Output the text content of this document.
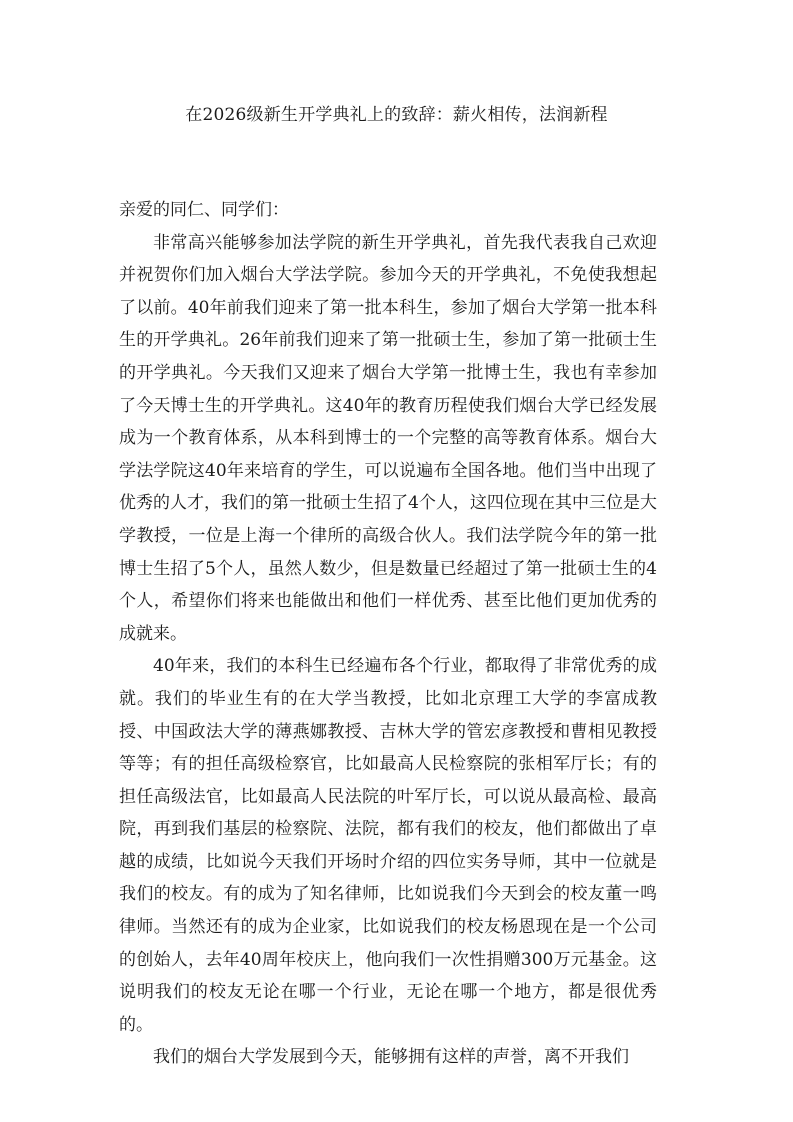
在2026级新生开学典礼上的致辞：薪火相传，法润新程

亲爱的同仁、同学们：

非常高兴能够参加法学院的新生开学典礼，首先我代表我自己欢迎并祝贺你们加入烟台大学法学院。参加今天的开学典礼，不免使我想起了以前。40年前我们迎来了第一批本科生，参加了烟台大学第一批本科生的开学典礼。26年前我们迎来了第一批硕士生，参加了第一批硕士生的开学典礼。今天我们又迎来了烟台大学第一批博士生，我也有幸参加了今天博士生的开学典礼。这40年的教育历程使我们烟台大学已经发展成为一个教育体系，从本科到博士的一个完整的高等教育体系。烟台大学法学院这40年来培育的学生，可以说遍布全国各地。他们当中出现了优秀的人才，我们的第一批硕士生招了4个人，这四位现在其中三位是大学教授，一位是上海一个律所的高级合伙人。我们法学院今年的第一批博士生招了5个人，虽然人数少，但是数量已经超过了第一批硕士生的4个人，希望你们将来也能做出和他们一样优秀、甚至比他们更加优秀的成就来。

40年来，我们的本科生已经遍布各个行业，都取得了非常优秀的成就。我们的毕业生有的在大学当教授，比如北京理工大学的李富成教授、中国政法大学的薄燕娜教授、吉林大学的管宏彦教授和曹相见教授等等；有的担任高级检察官，比如最高人民检察院的张相军厅长；有的担任高级法官，比如最高人民法院的叶军厅长，可以说从最高检、最高院，再到我们基层的检察院、法院，都有我们的校友，他们都做出了卓越的成绩，比如说今天我们开场时介绍的四位实务导师，其中一位就是我们的校友。有的成为了知名律师，比如说我们今天到会的校友董一鸣律师。当然还有的成为企业家，比如说我们的校友杨恩现在是一个公司的创始人，去年40周年校庆上，他向我们一次性捐赠300万元基金。这说明我们的校友无论在哪一个行业，无论在哪一个地方，都是很优秀的。

我们的烟台大学发展到今天，能够拥有这样的声誉，离不开我们
